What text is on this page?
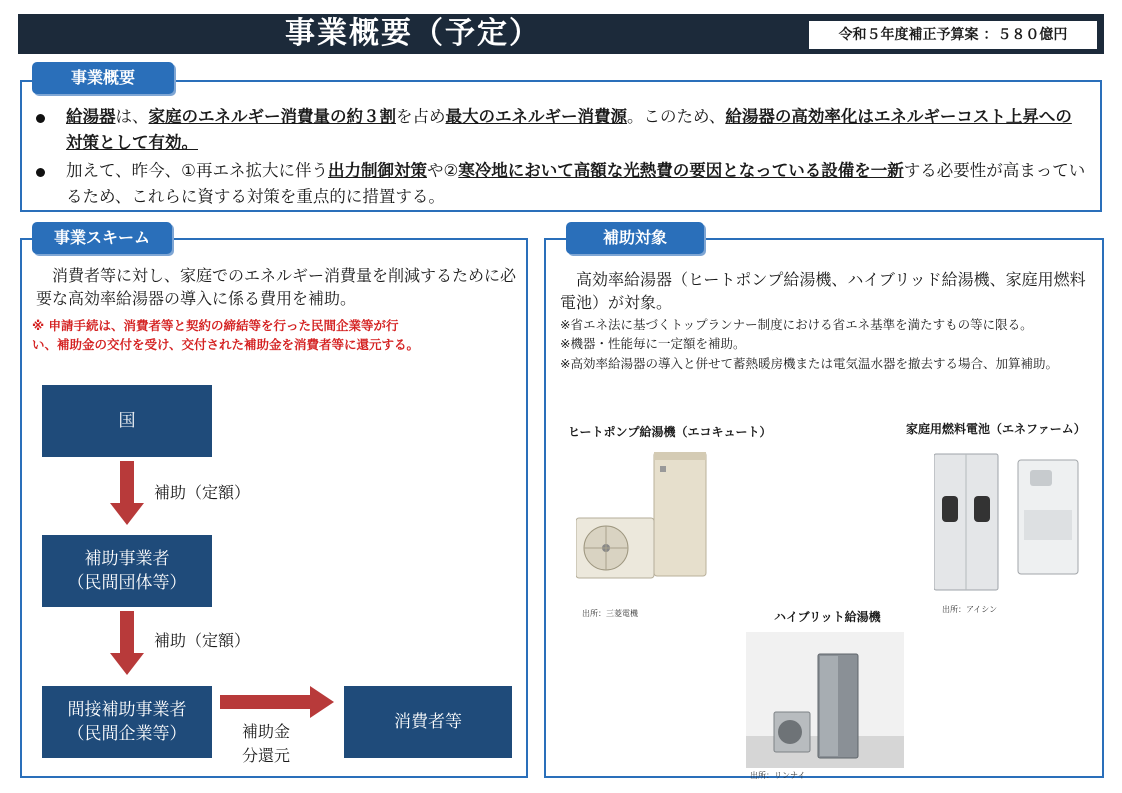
事業概要（予定）	令和５年度補正予算案 ：５８０億円
給湯器は、家庭のエネルギー消費量の約３割を占め最大のエネルギー消費源。このため、給湯器の高効率化はエネルギーコスト上昇への対策として有効。
加えて、昨今、①再エネ拡大に伴う出力制御対策や②寒冷地において高額な光熱費の要因となっている設備を一新する必要性が高まっているため、これらに資する対策を重点的に措置する。
事業概要
消費者等に対し、家庭でのエネルギー消費量を削減するために必要な高効率給湯器の導入に係る費用を補助。
※ 申請手続は、消費者等と契約の締結等を行った民間企業等が行
い、補助金の交付を受け、交付された補助金を消費者等に還元する。
国
補助（定額）
補助事業者
（民間団体等）
補助（定額）
間接補助事業者
（民間企業等）	補助金
分還元
消費者等
事業スキーム
高効率給湯器（ヒートポンプ給湯機、ハイブリッド給湯機、家庭用燃料電池）が対象。
※省エネ法に基づくトップランナー制度における省エネ基準を満たすもの等に限る。
※機器・性能毎に一定額を補助。
※高効率給湯器の導入と併せて蓄熱暖房機または電気温水器を撤去する場合、加算補助。
ヒートポンプ給湯機（エコキュート）
出所：三菱電機
家庭用燃料電池（エネファーム）
出所：アイシン
ハイブリット給湯機
出所：リンナイ
補助対象
